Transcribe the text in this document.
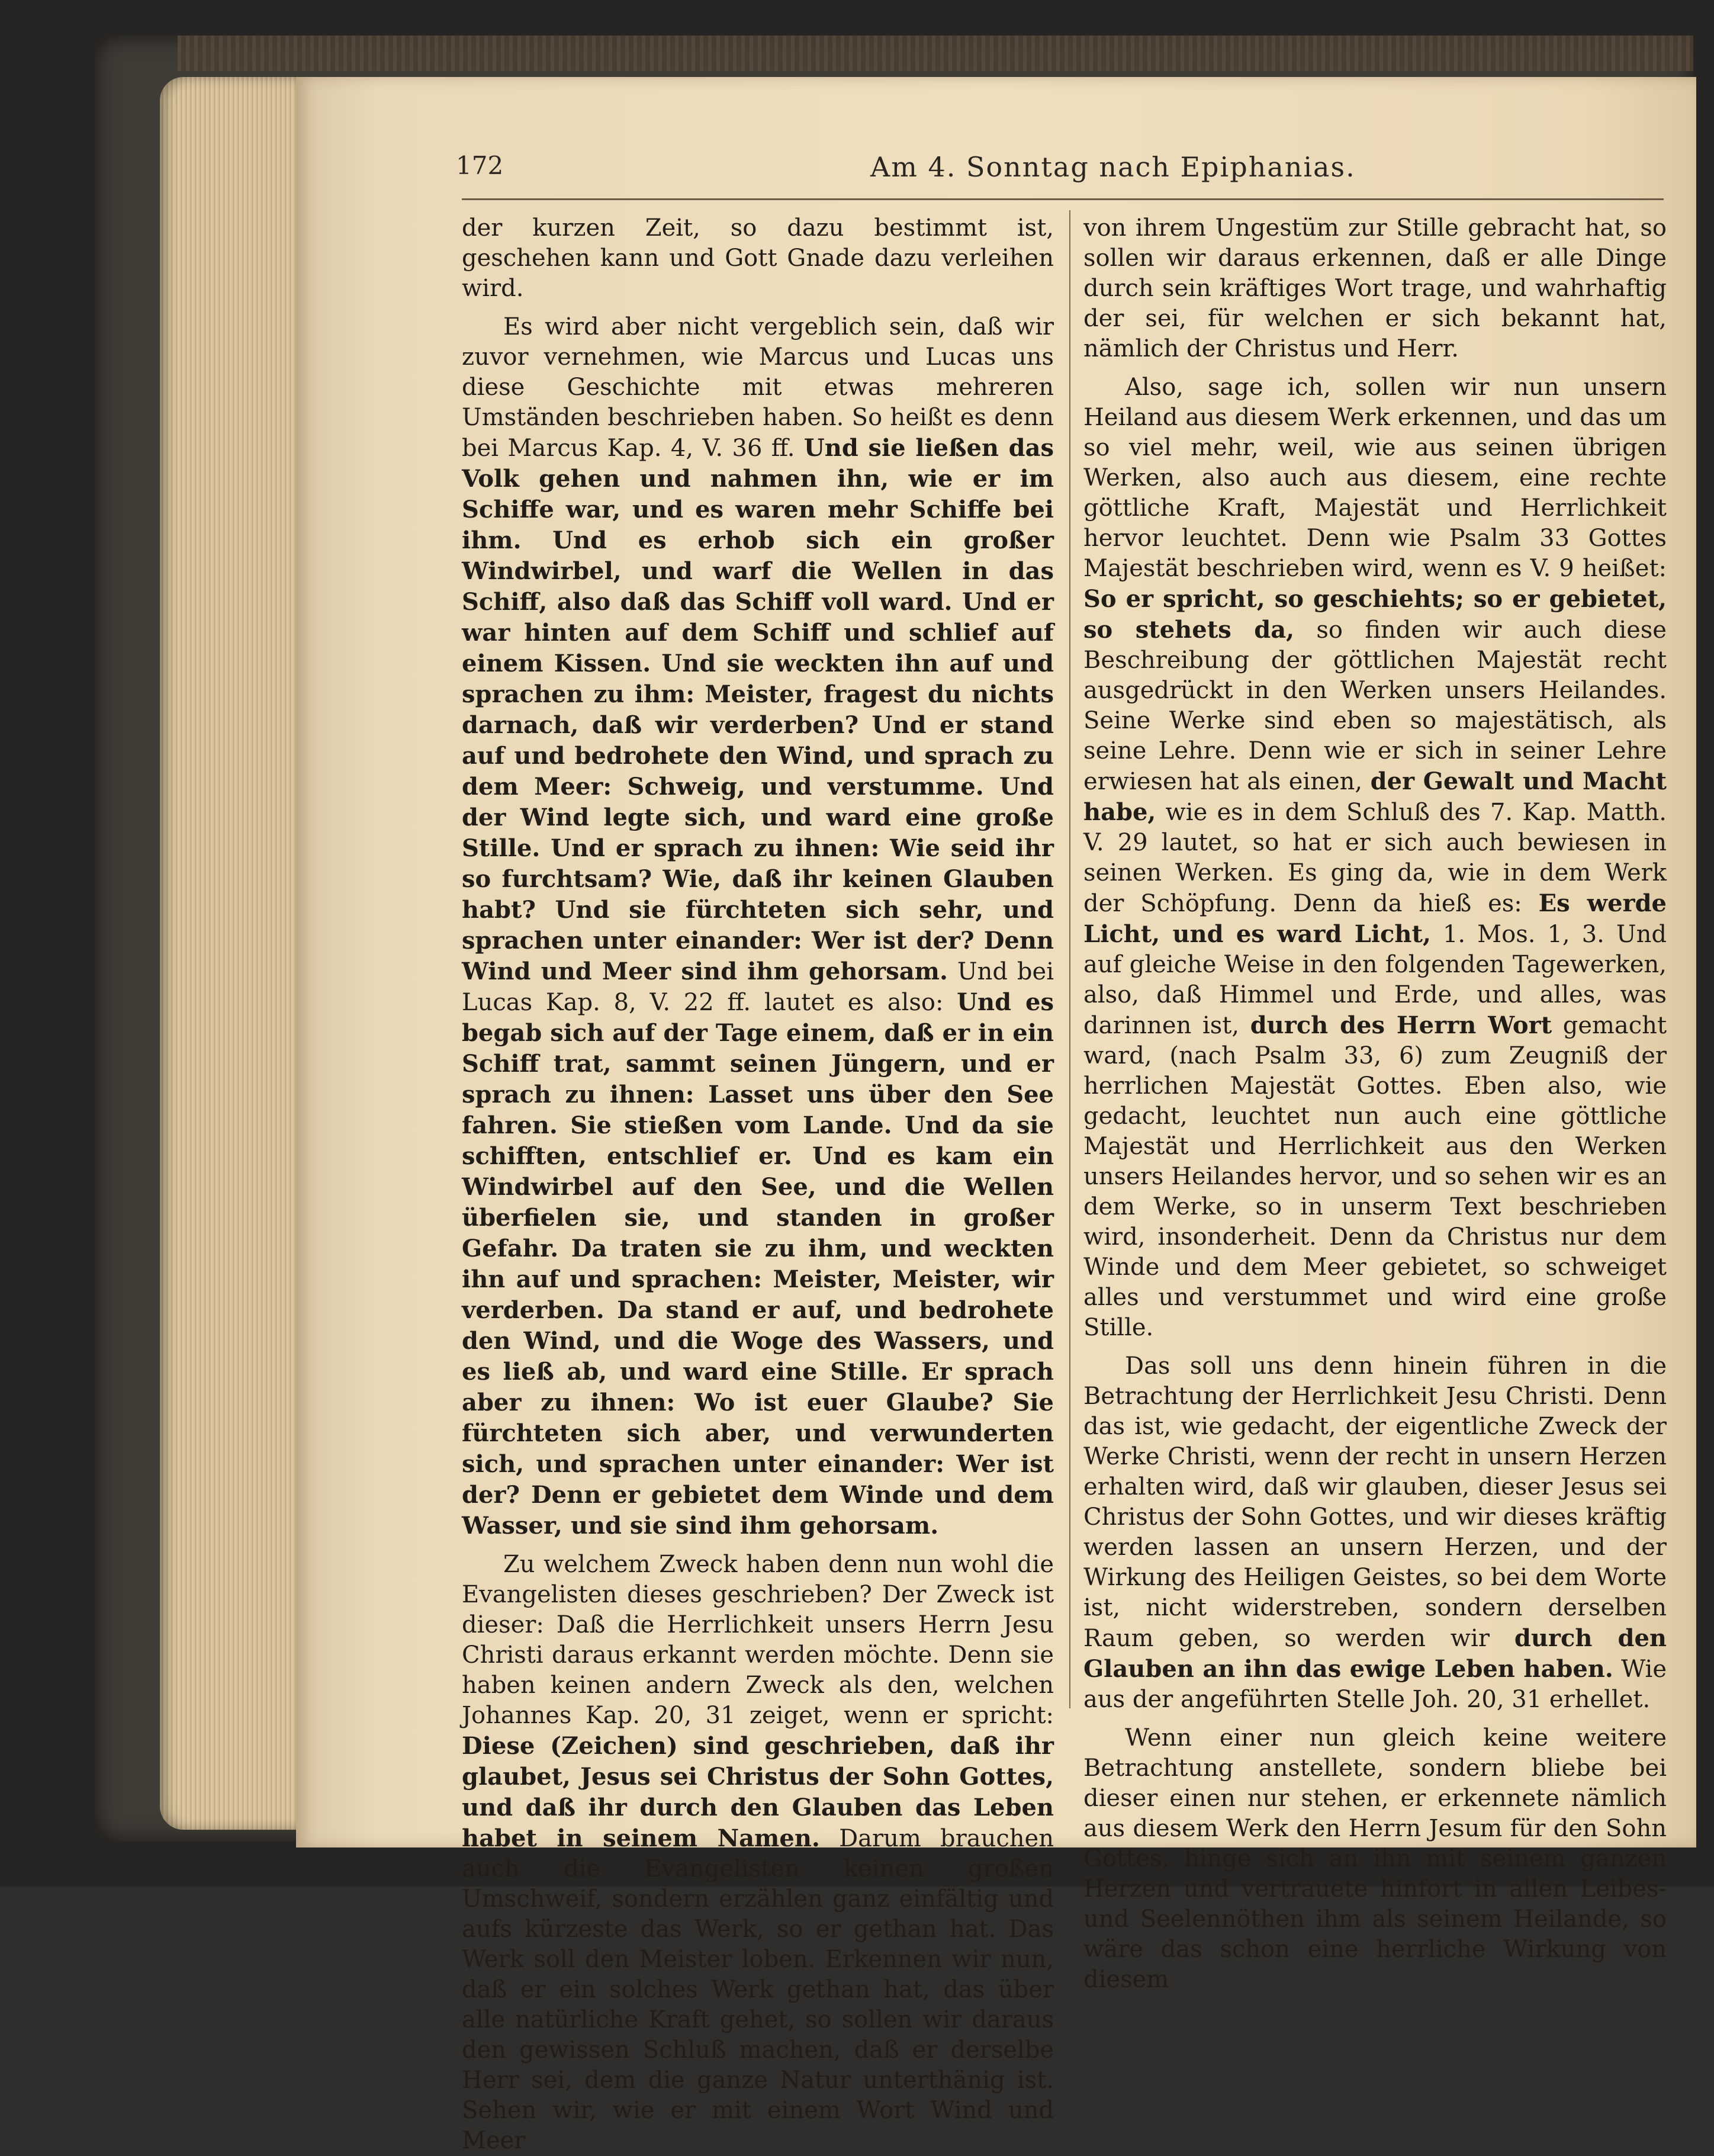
172	Am 4. Sonntag nach Epiphanias.

der kurzen Zeit, so dazu bestimmt ist, geschehen kann und Gott Gnade dazu verleihen wird.

Es wird aber nicht vergeblich sein, daß wir zuvor vernehmen, wie Marcus und Lucas uns diese Geschichte mit etwas mehreren Umständen beschrieben haben. So heißt es denn bei Marcus Kap. 4, V. 36 ff. Und sie ließen das Volk gehen und nahmen ihn, wie er im Schiffe war, und es waren mehr Schiffe bei ihm. Und es erhob sich ein großer Windwirbel, und warf die Wellen in das Schiff, also daß das Schiff voll ward. Und er war hinten auf dem Schiff und schlief auf einem Kissen. Und sie weckten ihn auf und sprachen zu ihm: Meister, fragest du nichts darnach, daß wir verderben? Und er stand auf und bedrohete den Wind, und sprach zu dem Meer: Schweig, und verstumme. Und der Wind legte sich, und ward eine große Stille. Und er sprach zu ihnen: Wie seid ihr so furchtsam? Wie, daß ihr keinen Glauben habt? Und sie fürchteten sich sehr, und sprachen unter einander: Wer ist der? Denn Wind und Meer sind ihm gehorsam. Und bei Lucas Kap. 8, V. 22 ff. lautet es also: Und es begab sich auf der Tage einem, daß er in ein Schiff trat, sammt seinen Jüngern, und er sprach zu ihnen: Lasset uns über den See fahren. Sie stießen vom Lande. Und da sie schifften, entschlief er. Und es kam ein Windwirbel auf den See, und die Wellen überfielen sie, und standen in großer Gefahr. Da traten sie zu ihm, und weckten ihn auf und sprachen: Meister, Meister, wir verderben. Da stand er auf, und bedrohete den Wind, und die Woge des Wassers, und es ließ ab, und ward eine Stille. Er sprach aber zu ihnen: Wo ist euer Glaube? Sie fürchteten sich aber, und verwunderten sich, und sprachen unter einander: Wer ist der? Denn er gebietet dem Winde und dem Wasser, und sie sind ihm gehorsam.

Zu welchem Zweck haben denn nun wohl die Evangelisten dieses geschrieben? Der Zweck ist dieser: Daß die Herrlichkeit unsers Herrn Jesu Christi daraus erkannt werden möchte. Denn sie haben keinen andern Zweck als den, welchen Johannes Kap. 20, 31 zeiget, wenn er spricht: Diese (Zeichen) sind geschrieben, daß ihr glaubet, Jesus sei Christus der Sohn Gottes, und daß ihr durch den Glauben das Leben habet in seinem Namen. Darum brauchen auch die Evangelisten keinen großen Umschweif, sondern erzählen ganz einfältig und aufs kürzeste das Werk, so er gethan hat. Das Werk soll den Meister loben. Erkennen wir nun, daß er ein solches Werk gethan hat, das über alle natürliche Kraft gehet, so sollen wir daraus den gewissen Schluß machen, daß er derselbe Herr sei, dem die ganze Natur unterthänig ist. Sehen wir, wie er mit einem Wort Wind und Meer

von ihrem Ungestüm zur Stille gebracht hat, so sollen wir daraus erkennen, daß er alle Dinge durch sein kräftiges Wort trage, und wahrhaftig der sei, für welchen er sich bekannt hat, nämlich der Christus und Herr.

Also, sage ich, sollen wir nun unsern Heiland aus diesem Werk erkennen, und das um so viel mehr, weil, wie aus seinen übrigen Werken, also auch aus diesem, eine rechte göttliche Kraft, Majestät und Herrlichkeit hervor leuchtet. Denn wie Psalm 33 Gottes Majestät beschrieben wird, wenn es V. 9 heißet: So er spricht, so geschiehts; so er gebietet, so stehets da, so finden wir auch diese Beschreibung der göttlichen Majestät recht ausgedrückt in den Werken unsers Heilandes. Seine Werke sind eben so majestätisch, als seine Lehre. Denn wie er sich in seiner Lehre erwiesen hat als einen, der Gewalt und Macht habe, wie es in dem Schluß des 7. Kap. Matth. V. 29 lautet, so hat er sich auch bewiesen in seinen Werken. Es ging da, wie in dem Werk der Schöpfung. Denn da hieß es: Es werde Licht, und es ward Licht, 1. Mos. 1, 3. Und auf gleiche Weise in den folgenden Tagewerken, also, daß Himmel und Erde, und alles, was darinnen ist, durch des Herrn Wort gemacht ward, (nach Psalm 33, 6) zum Zeugniß der herrlichen Majestät Gottes. Eben also, wie gedacht, leuchtet nun auch eine göttliche Majestät und Herrlichkeit aus den Werken unsers Heilandes hervor, und so sehen wir es an dem Werke, so in unserm Text beschrieben wird, insonderheit. Denn da Christus nur dem Winde und dem Meer gebietet, so schweiget alles und verstummet und wird eine große Stille.

Das soll uns denn hinein führen in die Betrachtung der Herrlichkeit Jesu Christi. Denn das ist, wie gedacht, der eigentliche Zweck der Werke Christi, wenn der recht in unsern Herzen erhalten wird, daß wir glauben, dieser Jesus sei Christus der Sohn Gottes, und wir dieses kräftig werden lassen an unsern Herzen, und der Wirkung des Heiligen Geistes, so bei dem Worte ist, nicht widerstreben, sondern derselben Raum geben, so werden wir durch den Glauben an ihn das ewige Leben haben. Wie aus der angeführten Stelle Joh. 20, 31 erhellet.

Wenn einer nun gleich keine weitere Betrachtung anstellete, sondern bliebe bei dieser einen nur stehen, er erkennete nämlich aus diesem Werk den Herrn Jesum für den Sohn Gottes, hinge sich an ihn mit seinem ganzen Herzen und vertrauete hinfort in allen Leibes- und Seelennöthen ihm als seinem Heilande, so wäre das schon eine herrliche Wirkung von diesem
